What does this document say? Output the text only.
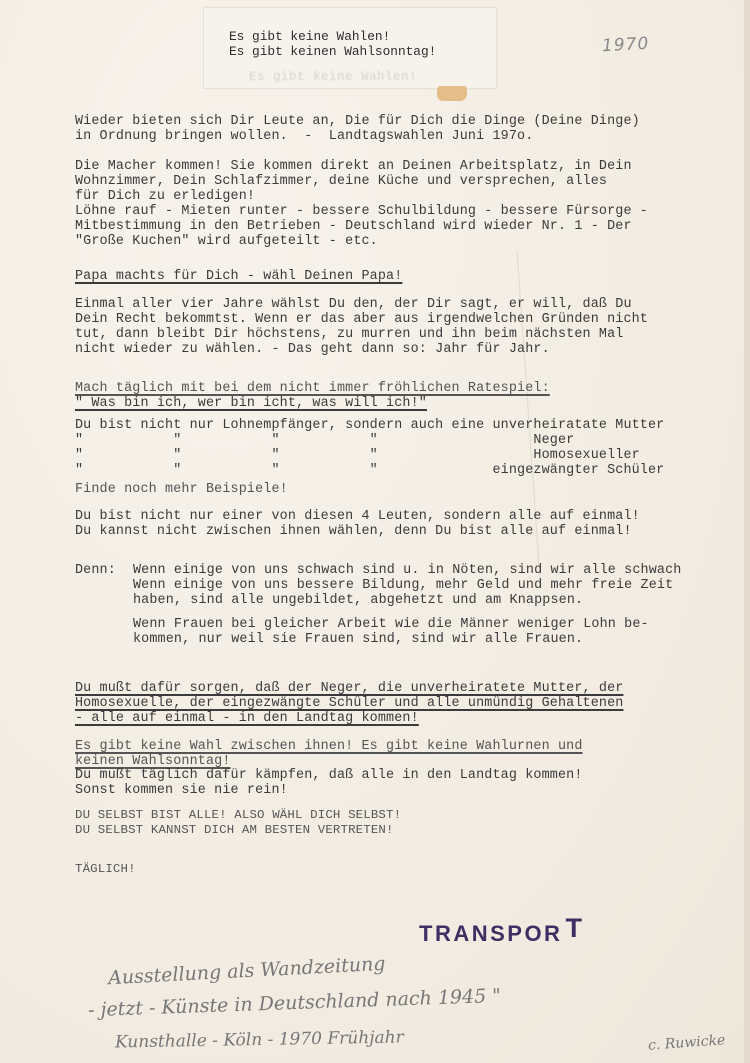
Es gibt keine Wahlen!
Es gibt keine Wahlen!
Es gibt keinen Wahlsonntag!	1970
Wieder bieten sich Dir Leute an, Die für Dich die Dinge (Deine Dinge)
in Ordnung bringen wollen.  -  Landtagswahlen Juni 197o.
Die Macher kommen! Sie kommen direkt an Deinen Arbeitsplatz, in Dein
Wohnzimmer, Dein Schlafzimmer, deine Küche und versprechen, alles
für Dich zu erledigen!
Löhne rauf - Mieten runter - bessere Schulbildung - bessere Fürsorge -
Mitbestimmung in den Betrieben - Deutschland wird wieder Nr. 1 - Der
"Große Kuchen" wird aufgeteilt - etc.
Papa machts für Dich - wähl Deinen Papa!
Einmal aller vier Jahre wählst Du den, der Dir sagt, er will, daß Du
Dein Recht bekommtst. Wenn er das aber aus irgendwelchen Gründen nicht
tut, dann bleibt Dir höchstens, zu murren und ihn beim nächsten Mal
nicht wieder zu wählen. - Das geht dann so: Jahr für Jahr.
Mach täglich mit bei dem nicht immer fröhlichen Ratespiel:
" Was bin ich, wer bin icht, was will ich!"
Du bist nicht nur Lohnempfänger, sondern auch eine unverheiratate Mutter
"           "           "           "                   Neger
"           "           "           "                   Homosexueller
"           "           "           "              eingezwängter Schüler
Finde noch mehr Beispiele!
Du bist nicht nur einer von diesen 4 Leuten, sondern alle auf einmal!
Du kannst nicht zwischen ihnen wählen, denn Du bist alle auf einmal!
Denn: Wenn einige von uns schwach sind u. in Nöten, sind wir alle schwach
Wenn einige von uns bessere Bildung, mehr Geld und mehr freie Zeit
haben, sind alle ungebildet, abgehetzt und am Knappsen.
Wenn Frauen bei gleicher Arbeit wie die Männer weniger Lohn be-
kommen, nur weil sie Frauen sind, sind wir alle Frauen.
Du mußt dafür sorgen, daß der Neger, die unverheiratete Mutter, der
Homosexuelle, der eingezwängte Schüler und alle unmündig Gehaltenen
- alle auf einmal - in den Landtag kommen!
Es gibt keine Wahl zwischen ihnen! Es gibt keine Wahlurnen und
keinen Wahlsonntag!
Du mußt täglich dafür kämpfen, daß alle in den Landtag kommen!
Sonst kommen sie nie rein!
DU SELBST BIST ALLE! ALSO WÄHL DICH SELBST!
DU SELBST KANNST DICH AM BESTEN VERTRETEN!
TÄGLICH!
TRANSPOR T
Ausstellung als Wandzeitung
- jetzt - Künste in Deutschland nach 1945 "
Kunsthalle - Köln - 1970 Frühjahr	c. Ruwicke
